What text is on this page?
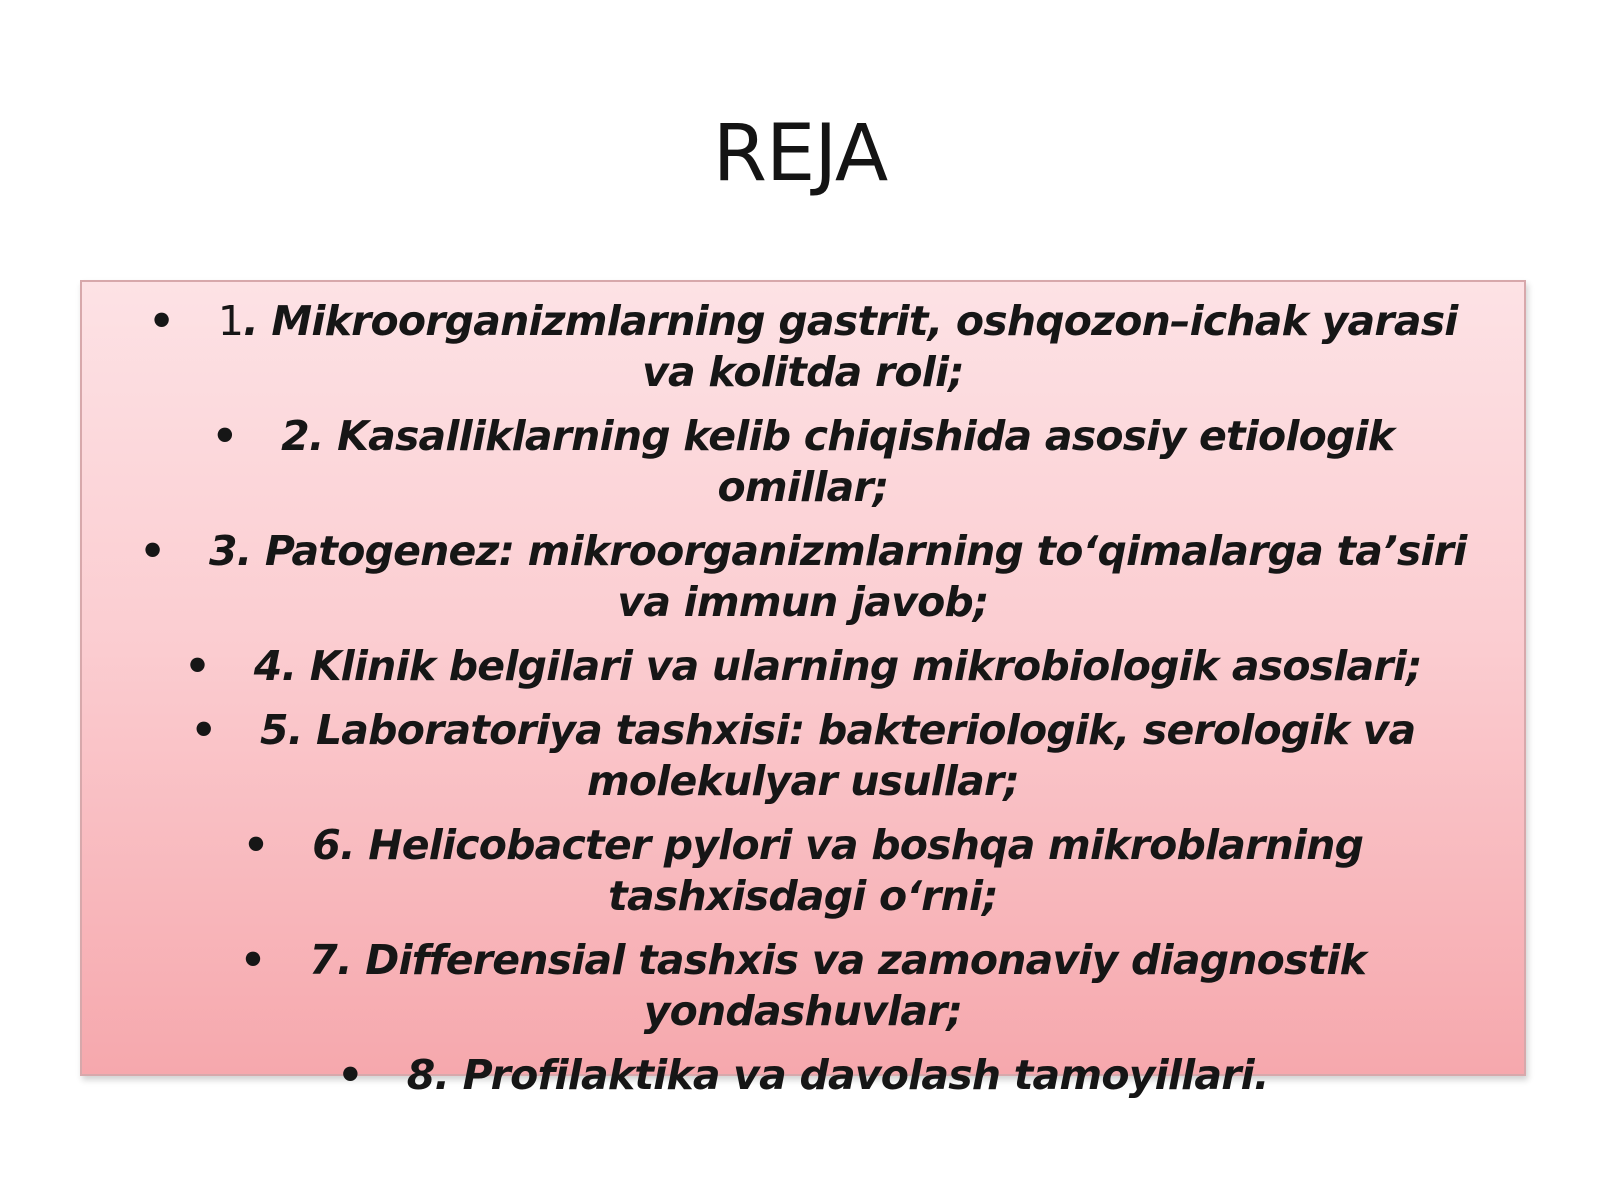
REJA
• 1. Mikroorganizmlarning gastrit, oshqozon–ichak yarasi va kolitda roli;
• 2. Kasalliklarning kelib chiqishida asosiy etiologik omillar;
• 3. Patogenez: mikroorganizmlarning to‘qimalarga ta’siri va immun javob;
• 4. Klinik belgilari va ularning mikrobiologik asoslari;
• 5. Laboratoriya tashxisi: bakteriologik, serologik va molekulyar usullar;
• 6. Helicobacter pylori va boshqa mikroblarning tashxisdagi o‘rni;
• 7. Differensial tashxis va zamonaviy diagnostik yondashuvlar;
• 8. Profilaktika va davolash tamoyillari.
